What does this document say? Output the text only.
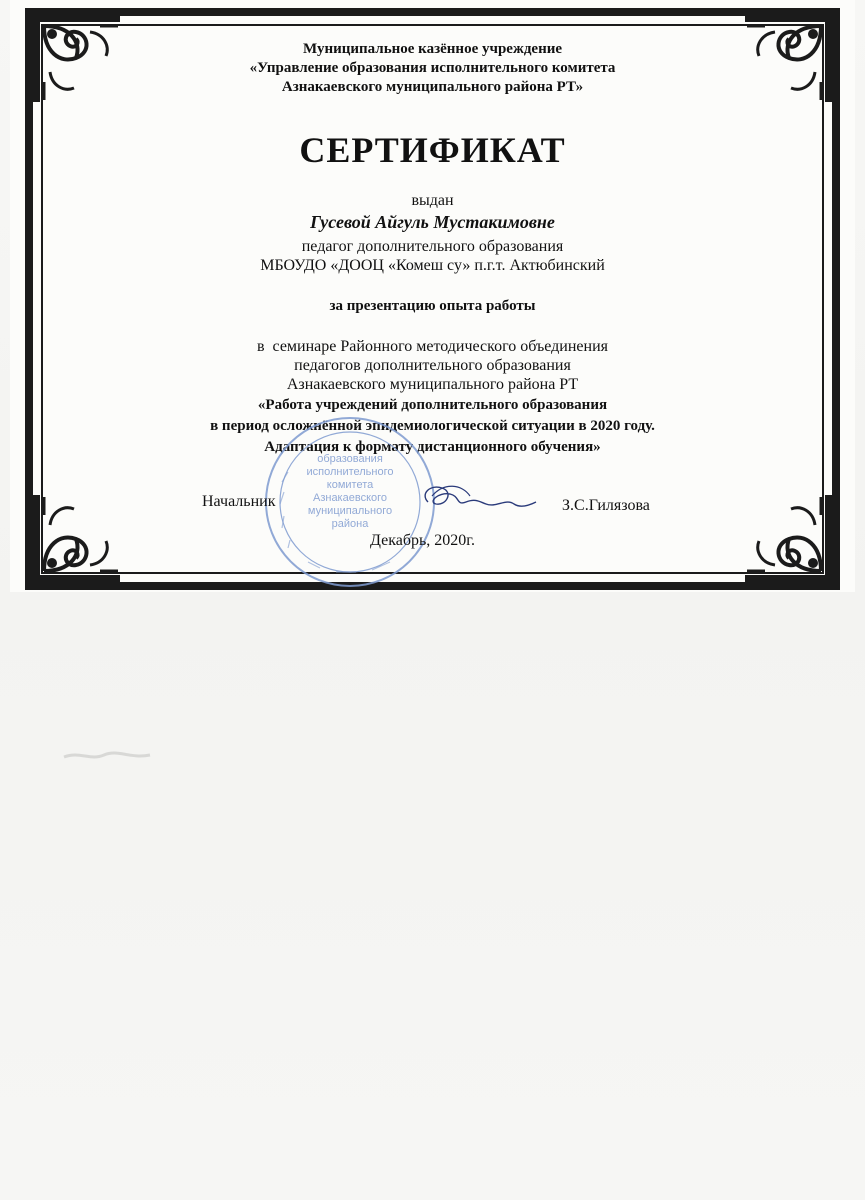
Муниципальное казённое учреждение
«Управление образования исполнительного комитета
Азнакаевского муниципального района РТ»
СЕРТИФИКАТ
выдан
Гусевой Айгуль Мустакимовне
педагог дополнительного образования
МБОУДО «ДООЦ «Комеш су» п.г.т. Актюбинский
за презентацию опыта работы
в  семинаре Районного методического объединения
педагогов дополнительного образования
Азнакаевского муниципального района РТ
«Работа учреждений дополнительного образования
в период осложнённой эпидемиологической ситуации в 2020 году.
Адаптация к формату дистанционного обучения»
образования
исполнительного
комитета
Азнакаевского
муниципального
района
Начальник	З.С.Гилязова
Декабрь, 2020г.
